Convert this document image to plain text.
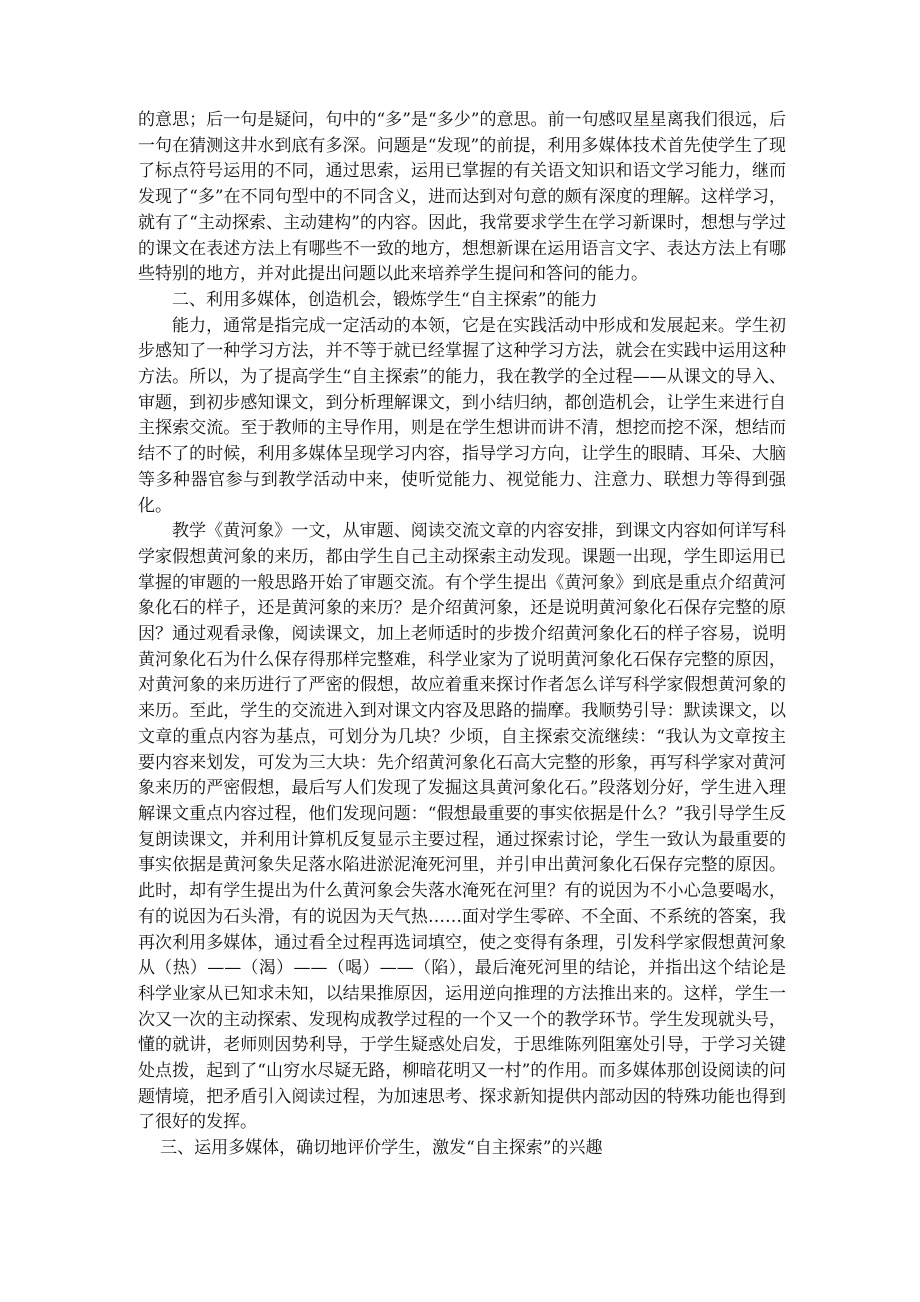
的意思；后一句是疑问，句中的“多”是“多少”的意思。前一句感叹星星离我们很远，后一句在猜测这井水到底有多深。问题是“发现”的前提，利用多媒体技术首先使学生了现了标点符号运用的不同，通过思索，运用已掌握的有关语文知识和语文学习能力，继而发现了“多”在不同句型中的不同含义，进而达到对句意的颇有深度的理解。这样学习，就有了“主动探索、主动建构”的内容。因此，我常要求学生在学习新课时，想想与学过的课文在表述方法上有哪些不一致的地方，想想新课在运用语言文字、表达方法上有哪些特别的地方，并对此提出问题以此来培养学生提问和答问的能力。

二、利用多媒体，创造机会，锻炼学生“自主探索”的能力

能力，通常是指完成一定活动的本领，它是在实践活动中形成和发展起来。学生初步感知了一种学习方法，并不等于就已经掌握了这种学习方法，就会在实践中运用这种方法。所以，为了提高学生“自主探索”的能力，我在教学的全过程——从课文的导入、审题，到初步感知课文，到分析理解课文，到小结归纳，都创造机会，让学生来进行自主探索交流。至于教师的主导作用，则是在学生想讲而讲不清，想挖而挖不深，想结而结不了的时候，利用多媒体呈现学习内容，指导学习方向，让学生的眼睛、耳朵、大脑等多种器官参与到教学活动中来，使听觉能力、视觉能力、注意力、联想力等得到强化。

教学《黄河象》一文，从审题、阅读交流文章的内容安排，到课文内容如何详写科学家假想黄河象的来历，都由学生自己主动探索主动发现。课题一出现，学生即运用已掌握的审题的一般思路开始了审题交流。有个学生提出《黄河象》到底是重点介绍黄河象化石的样子，还是黄河象的来历？是介绍黄河象，还是说明黄河象化石保存完整的原因？通过观看录像，阅读课文，加上老师适时的步拨介绍黄河象化石的样子容易，说明黄河象化石为什么保存得那样完整难，科学业家为了说明黄河象化石保存完整的原因，对黄河象的来历进行了严密的假想，故应着重来探讨作者怎么详写科学家假想黄河象的来历。至此，学生的交流进入到对课文内容及思路的揣摩。我顺势引导：默读课文，以文章的重点内容为基点，可划分为几块？少顷，自主探索交流继续：“我认为文章按主要内容来划发，可发为三大块：先介绍黄河象化石高大完整的形象，再写科学家对黄河象来历的严密假想，最后写人们发现了发掘这具黄河象化石。”段落划分好，学生进入理解课文重点内容过程，他们发现问题：“假想最重要的事实依据是什么？”我引导学生反复朗读课文，并利用计算机反复显示主要过程，通过探索讨论，学生一致认为最重要的事实依据是黄河象失足落水陷进淤泥淹死河里，并引申出黄河象化石保存完整的原因。此时，却有学生提出为什么黄河象会失落水淹死在河里？有的说因为不小心急要喝水，有的说因为石头滑，有的说因为天气热……面对学生零碎、不全面、不系统的答案，我再次利用多媒体，通过看全过程再选词填空，使之变得有条理，引发科学家假想黄河象从（热）——（渴）——（喝）——（陷），最后淹死河里的结论，并指出这个结论是科学业家从已知求未知，以结果推原因，运用逆向推理的方法推出来的。这样，学生一次又一次的主动探索、发现构成教学过程的一个又一个的教学环节。学生发现就头号，懂的就讲，老师则因势利导，于学生疑惑处启发，于思维陈列阻塞处引导，于学习关键处点拨，起到了“山穷水尽疑无路，柳暗花明又一村”的作用。而多媒体那创设阅读的问题情境，把矛盾引入阅读过程，为加速思考、探求新知提供内部动因的特殊功能也得到了很好的发挥。

三、运用多媒体，确切地评价学生，激发“自主探索”的兴趣
